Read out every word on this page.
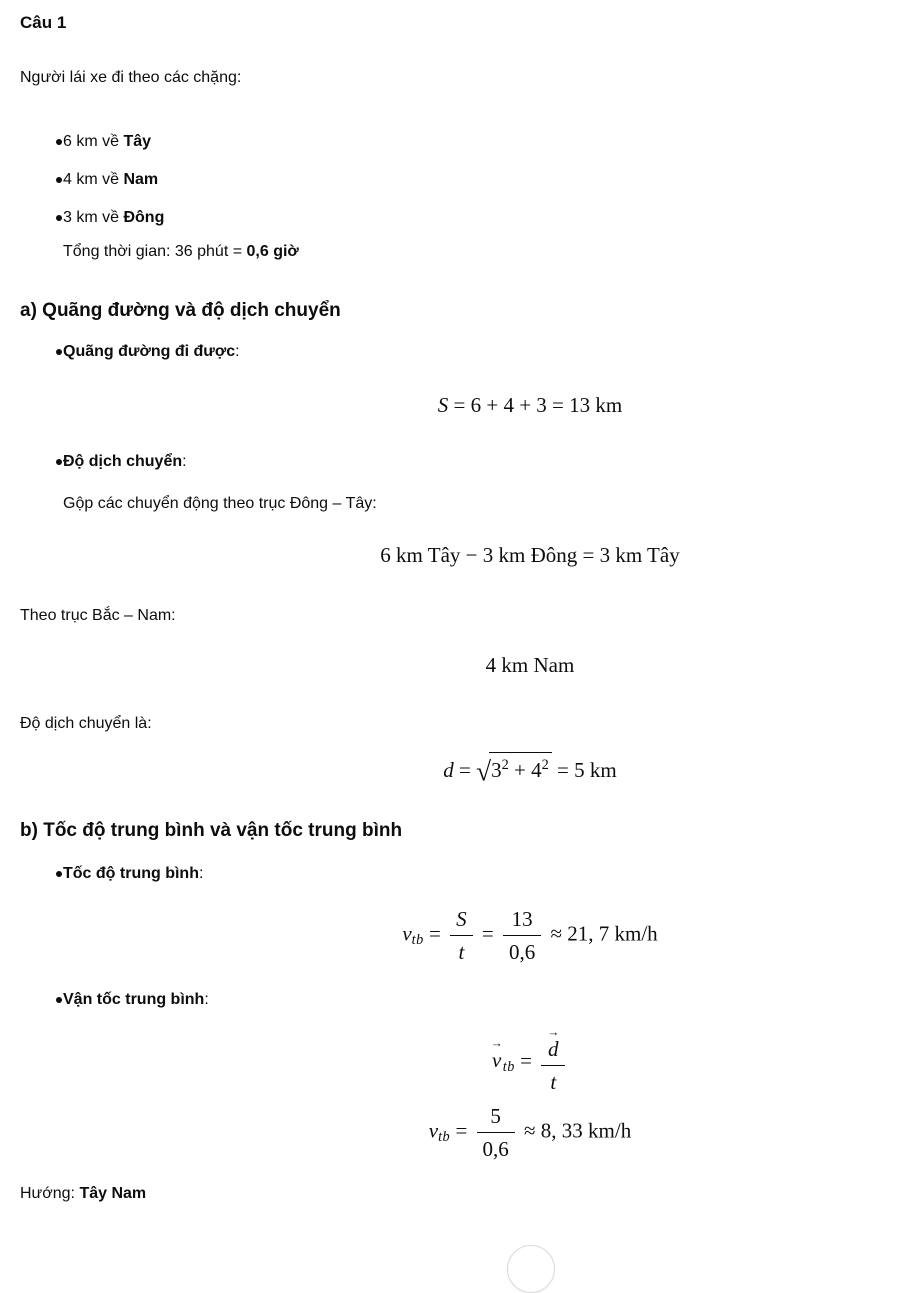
Câu 1

Người lái xe đi theo các chặng:

6 km về Tây
4 km về Nam
3 km về Đông
Tổng thời gian: 36 phút = 0,6 giờ
a) Quãng đường và độ dịch chuyển
Quãng đường đi được:
S = 6 + 4 + 3 = 13 km
Độ dịch chuyển:
Gộp các chuyển động theo trục Đông – Tây:
6 km Tây − 3 km Đông = 3 km Tây

Theo trục Bắc – Nam:

4 km Nam

Độ dịch chuyển là:

$d = √3^2 + 4^2 = 5$ km
b) Tốc độ trung bình và vận tốc trung bình
Tốc độ trung bình:
$v_{tb} = \frac{S}{t} = \frac{13}{0,6} \approx 21$, 7 km/h
Vận tốc trung bình:
→
v $_{tb}$ = →
d
t
$v_{tb} = \frac{5}{0,6} \approx 8$, 33 km/h

Hướng: Tây Nam
